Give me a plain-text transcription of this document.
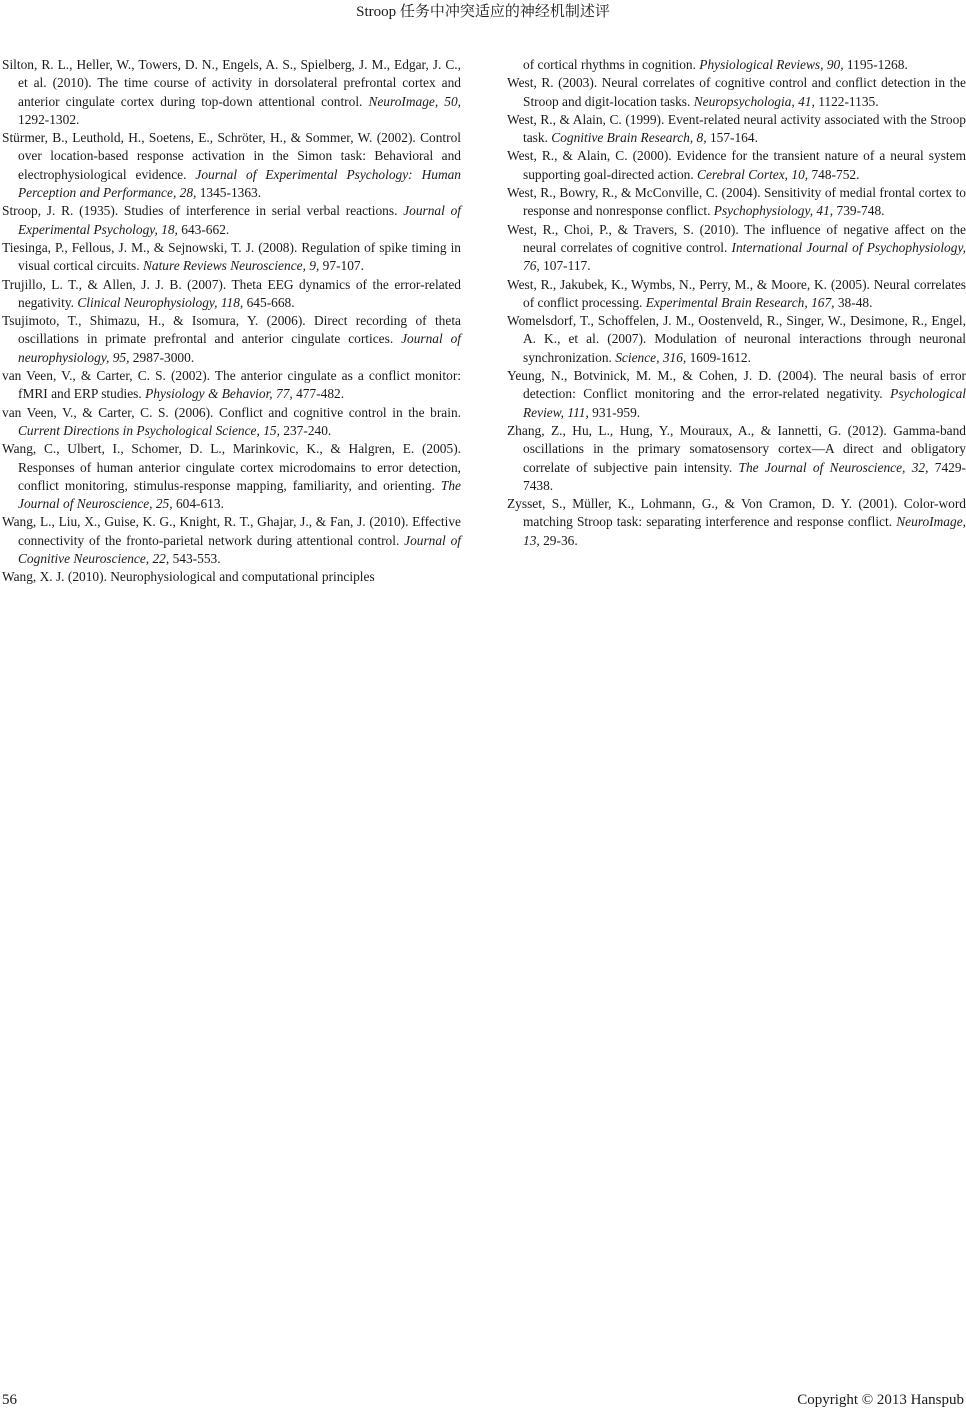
Stroop 任务中冲突适应的神经机制述评

Silton, R. L., Heller, W., Towers, D. N., Engels, A. S., Spielberg, J. M., Edgar, J. C., et al. (2010). The time course of activity in dorsolateral prefrontal cortex and anterior cingulate cortex during top-down attentional control. NeuroImage, 50, 1292-1302.

Stürmer, B., Leuthold, H., Soetens, E., Schröter, H., & Sommer, W. (2002). Control over location-based response activation in the Simon task: Behavioral and electrophysiological evidence. Journal of Experimental Psychology: Human Perception and Performance, 28, 1345-1363.

Stroop, J. R. (1935). Studies of interference in serial verbal reactions. Journal of Experimental Psychology, 18, 643-662.

Tiesinga, P., Fellous, J. M., & Sejnowski, T. J. (2008). Regulation of spike timing in visual cortical circuits. Nature Reviews Neuroscience, 9, 97-107.

Trujillo, L. T., & Allen, J. J. B. (2007). Theta EEG dynamics of the error-related negativity. Clinical Neurophysiology, 118, 645-668.

Tsujimoto, T., Shimazu, H., & Isomura, Y. (2006). Direct recording of theta oscillations in primate prefrontal and anterior cingulate cortices. Journal of neurophysiology, 95, 2987-3000.

van Veen, V., & Carter, C. S. (2002). The anterior cingulate as a conflict monitor: fMRI and ERP studies. Physiology & Behavior, 77, 477-482.

van Veen, V., & Carter, C. S. (2006). Conflict and cognitive control in the brain. Current Directions in Psychological Science, 15, 237-240.

Wang, C., Ulbert, I., Schomer, D. L., Marinkovic, K., & Halgren, E. (2005). Responses of human anterior cingulate cortex microdomains to error detection, conflict monitoring, stimulus-response mapping, familiarity, and orienting. The Journal of Neuroscience, 25, 604-613.

Wang, L., Liu, X., Guise, K. G., Knight, R. T., Ghajar, J., & Fan, J. (2010). Effective connectivity of the fronto-parietal network during attentional control. Journal of Cognitive Neuroscience, 22, 543-553.

Wang, X. J. (2010). Neurophysiological and computational principles

of cortical rhythms in cognition. Physiological Reviews, 90, 1195-1268.

West, R. (2003). Neural correlates of cognitive control and conflict detection in the Stroop and digit-location tasks. Neuropsychologia, 41, 1122-1135.

West, R., & Alain, C. (1999). Event-related neural activity associated with the Stroop task. Cognitive Brain Research, 8, 157-164.

West, R., & Alain, C. (2000). Evidence for the transient nature of a neural system supporting goal-directed action. Cerebral Cortex, 10, 748-752.

West, R., Bowry, R., & McConville, C. (2004). Sensitivity of medial frontal cortex to response and nonresponse conflict. Psychophysiology, 41, 739-748.

West, R., Choi, P., & Travers, S. (2010). The influence of negative affect on the neural correlates of cognitive control. International Journal of Psychophysiology, 76, 107-117.

West, R., Jakubek, K., Wymbs, N., Perry, M., & Moore, K. (2005). Neural correlates of conflict processing. Experimental Brain Research, 167, 38-48.

Womelsdorf, T., Schoffelen, J. M., Oostenveld, R., Singer, W., Desimone, R., Engel, A. K., et al. (2007). Modulation of neuronal interactions through neuronal synchronization. Science, 316, 1609-1612.

Yeung, N., Botvinick, M. M., & Cohen, J. D. (2004). The neural basis of error detection: Conflict monitoring and the error-related negativity. Psychological Review, 111, 931-959.

Zhang, Z., Hu, L., Hung, Y., Mouraux, A., & Iannetti, G. (2012). Gamma-band oscillations in the primary somatosensory cortex—A direct and obligatory correlate of subjective pain intensity. The Journal of Neuroscience, 32, 7429-7438.

Zysset, S., Müller, K., Lohmann, G., & Von Cramon, D. Y. (2001). Color-word matching Stroop task: separating interference and response conflict. NeuroImage, 13, 29-36.

56	Copyright © 2013 Hanspub
